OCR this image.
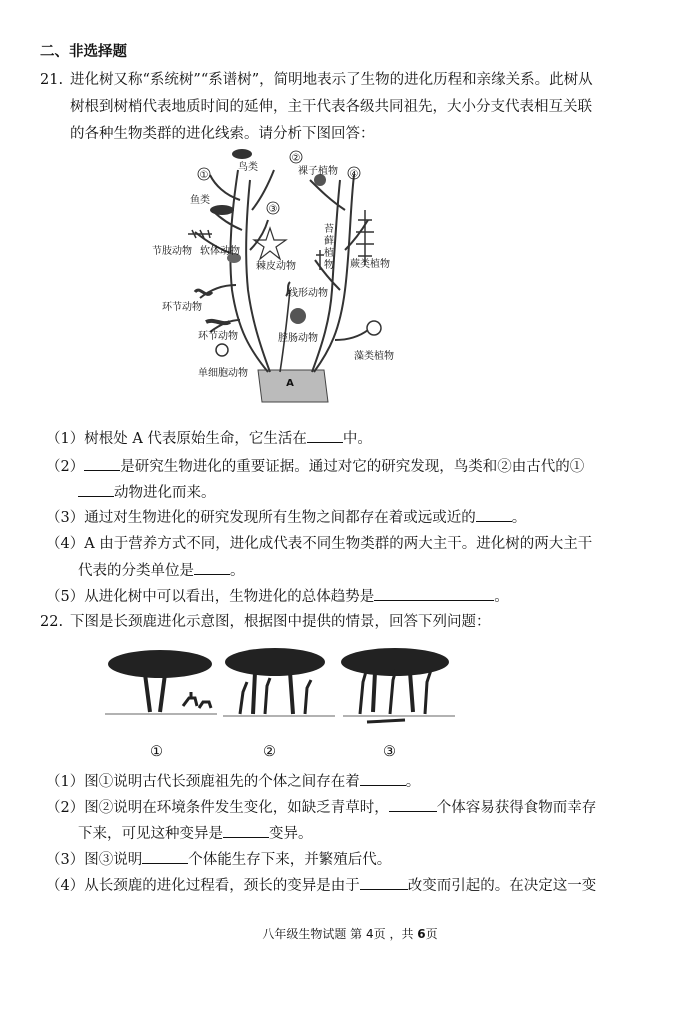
二、非选择题
21. 进化树又称“系统树”“系谱树”，简明地表示了生物的进化历程和亲缘关系。此树从
树根到树梢代表地质时间的延伸，主干代表各级共同祖先，大小分支代表相互关联
的各种生物类群的进化线索。请分析下图回答：
①
②
③
④
鸟类	裸子植物
鱼类
节肢动物 软体动物
棘皮动物
苔
藓
植
物 蕨类植物
环节动物
线形动物
环节动物	腔肠动物
藻类植物
单细胞动物
A
（1）树根处 A 代表原始生命，它生活在 中。
（2） 是研究生物进化的重要证据。通过对它的研究发现，鸟类和②由古代的①
动物进化而来。
（3）通过对生物进化的研究发现所有生物之间都存在着或远或近的 。
（4）A 由于营养方式不同，进化成代表不同生物类群的两大主干。进化树的两大主干
代表的分类单位是 。
（5）从进化树中可以看出，生物进化的总体趋势是	。
22. 下图是长颈鹿进化示意图，根据图中提供的情景，回答下列问题：
①	②	③
（1）图①说明古代长颈鹿祖先的个体之间存在着	。
（2）图②说明在环境条件发生变化，如缺乏青草时，	个体容易获得食物而幸存
下来，可见这种变异是	变异。
（3）图③说明	个体能生存下来，并繁殖后代。
（4）从长颈鹿的进化过程看，颈长的变异是由于	改变而引起的。在决定这一变
八年级生物试题 第 4页 ，共 6页
